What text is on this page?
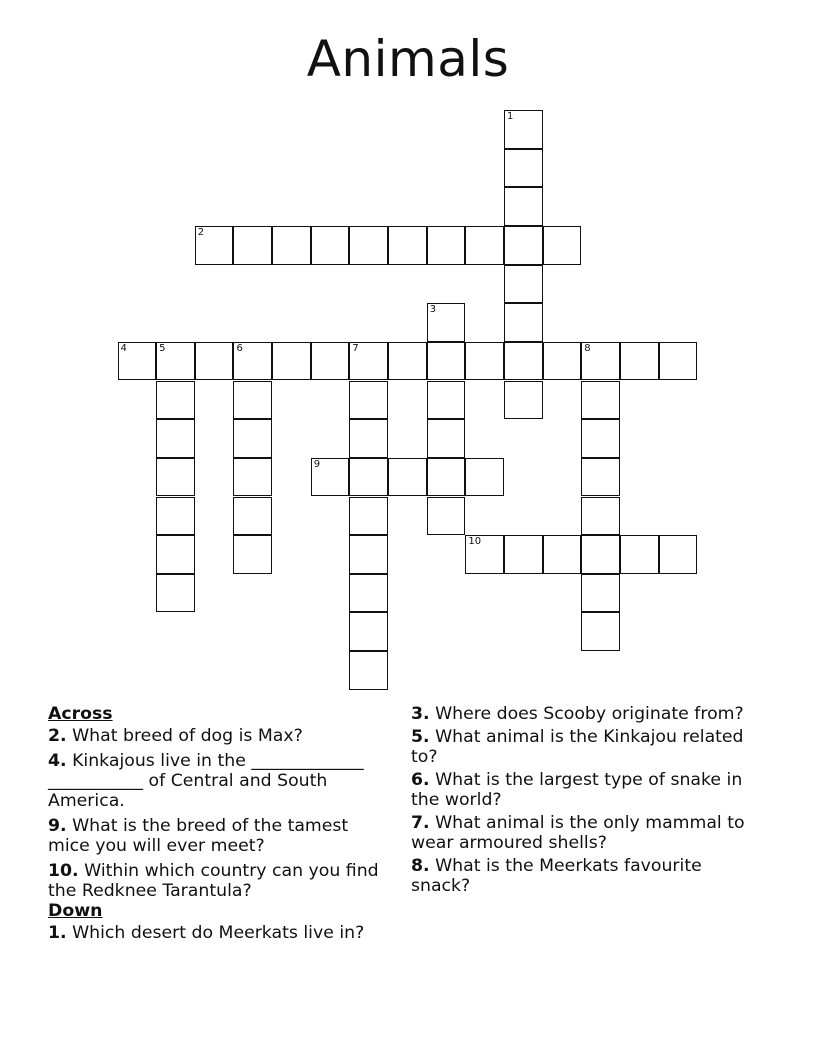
Animals
1
2
3
4	5	6	7	8
9
10
Across
2. What breed of dog is Max?
4. Kinkajous live in the _____________ ___________ of Central and South America.
9. What is the breed of the tamest mice you will ever meet?
10. Within which country can you find the Redknee Tarantula?
Down
1. Which desert do Meerkats live in?
3. Where does Scooby originate from?
5. What animal is the Kinkajou related to?
6. What is the largest type of snake in the world?
7. What animal is the only mammal to wear armoured shells?
8. What is the Meerkats favourite snack?
